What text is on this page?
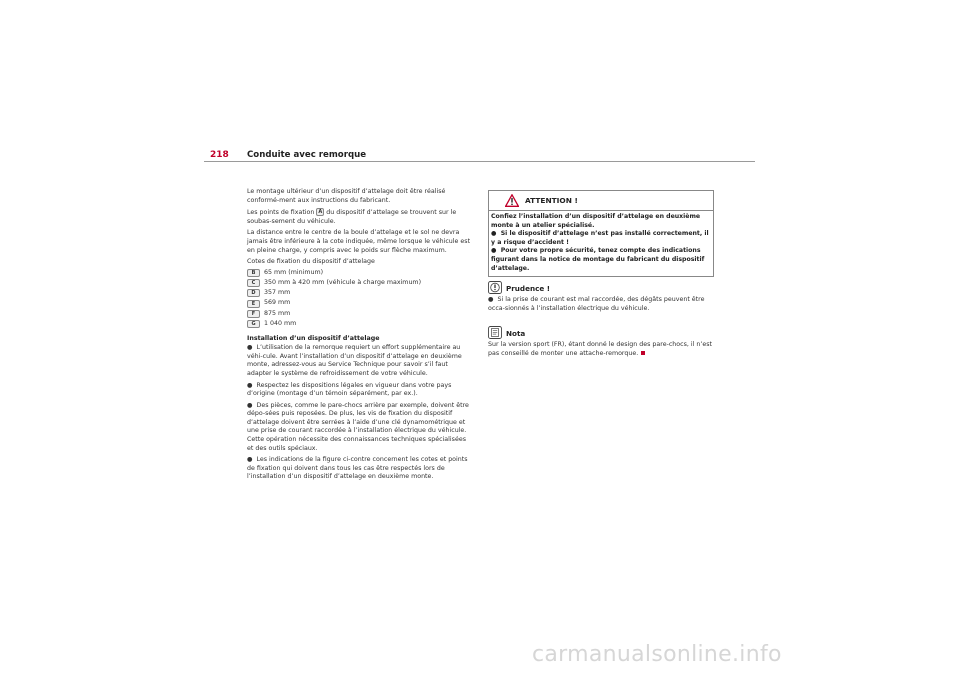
218 Conduite avec remorque

Le montage ultérieur d’un dispositif d’attelage doit être réalisé conformé-ment aux instructions du fabricant.

Les points de fixation A du dispositif d’attelage se trouvent sur le soubas-sement du véhicule.

La distance entre le centre de la boule d’attelage et le sol ne devra jamais être inférieure à la cote indiquée, même lorsque le véhicule est en pleine charge, y compris avec le poids sur flèche maximum.

Cotes de fixation du dispositif d’attelage

B	65 mm (minimum)
C	350 mm à 420 mm (véhicule à charge maximum)
D	357 mm
E	569 mm
F	875 mm
G	1 040 mm
Installation d’un dispositif d’attelage

● L’utilisation de la remorque requiert un effort supplémentaire au véhi-cule. Avant l’installation d’un dispositif d’attelage en deuxième monte, adressez-vous au Service Technique pour savoir s’il faut adapter le système de refroidissement de votre véhicule.

● Respectez les dispositions légales en vigueur dans votre pays d’origine (montage d’un témoin séparément, par ex.).

● Des pièces, comme le pare-chocs arrière par exemple, doivent être dépo-sées puis reposées. De plus, les vis de fixation du dispositif d’attelage doivent être serrées à l’aide d’une clé dynamométrique et une prise de courant raccordée à l’installation électrique du véhicule. Cette opération nécessite des connaissances techniques spécialisées et des outils spéciaux.

● Les indications de la figure ci-contre concernent les cotes et points de fixation qui doivent dans tous les cas être respectés lors de l’installation d’un dispositif d’attelage en deuxième monte.

ATTENTION !

Confiez l’installation d’un dispositif d’attelage en deuxième monte à un atelier spécialisé.

●  Si le dispositif d’attelage n’est pas installé correctement, il y a risque d’accident !

●  Pour votre propre sécurité, tenez compte des indications figurant dans la notice de montage du fabricant du dispositif d’attelage.

Prudence !

●  Si la prise de courant est mal raccordée, des dégâts peuvent être occa-sionnés à l’installation électrique du véhicule.

Nota

Sur la version sport (FR), étant donné le design des pare-chocs, il n’est pas conseillé de monter une attache-remorque.

carmanualsonline.info
